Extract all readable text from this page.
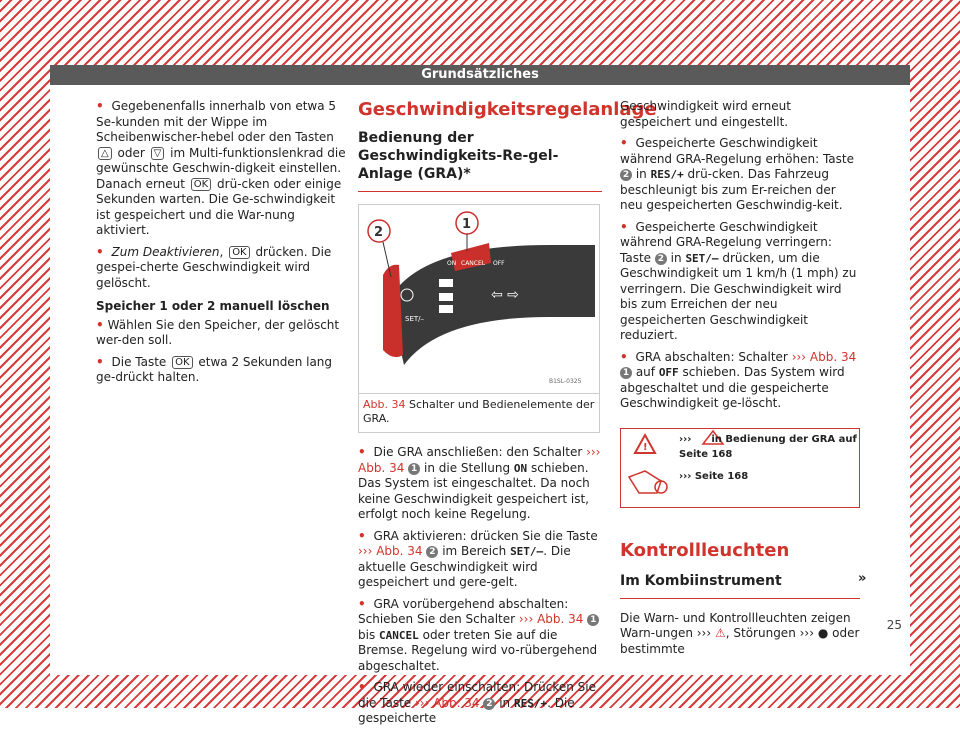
Grundsätzliches

• Gegebenenfalls innerhalb von etwa 5 Se-kunden mit der Wippe im Scheibenwischer-hebel oder den Tasten △ oder ▽ im Multi-funktionslenkrad die gewünschte Geschwin-digkeit einstellen. Danach erneut OK drü-cken oder einige Sekunden warten. Die Ge-schwindigkeit ist gespeichert und die War-nung aktiviert.

• Zum Deaktivieren, OK drücken. Die gespei-cherte Geschwindigkeit wird gelöscht.

Speicher 1 oder 2 manuell löschen

• Wählen Sie den Speicher, der gelöscht wer-den soll.

• Die Taste OK etwa 2 Sekunden lang ge-drückt halten.

Geschwindigkeitsregelanlage
Bedienung der Geschwindigkeits-Re-gel-Anlage (GRA)*
RES/+
SET/–
ON CANCEL OFF
⇦ ⇨
2
1
B1SL-0325
Abb. 34 Schalter und Bedienelemente der GRA.

• Die GRA anschließen: den Schalter ››› Abb. 34 1 in die Stellung ON schieben. Das System ist eingeschaltet. Da noch keine Geschwindigkeit gespeichert ist, erfolgt noch keine Regelung.

• GRA aktivieren: drücken Sie die Taste ››› Abb. 34 2 im Bereich SET/–. Die aktuelle Geschwindigkeit wird gespeichert und gere-gelt.

• GRA vorübergehend abschalten: Schieben Sie den Schalter ››› Abb. 34 1 bis CANCEL oder treten Sie auf die Bremse. Regelung wird vo-rübergehend abgeschaltet.

• GRA wieder einschalten: Drücken Sie die Taste ››› Abb. 34 2 in RES/+. Die gespeicherte

Geschwindigkeit wird erneut gespeichert und eingestellt.

• Gespeicherte Geschwindigkeit während GRA-Regelung erhöhen: Taste 2 in RES/+ drü-cken. Das Fahrzeug beschleunigt bis zum Er-reichen der neu gespeicherten Geschwindig-keit.

• Gespeicherte Geschwindigkeit während GRA-Regelung verringern: Taste 2 in SET/– drücken, um die Geschwindigkeit um 1 km/h (1 mph) zu verringern. Die Geschwindigkeit wird bis zum Erreichen der neu gespeicherten Geschwindigkeit reduziert.

• GRA abschalten: Schalter ››› Abb. 34 1 auf OFF schieben. Das System wird abgeschaltet und die gespeicherte Geschwindigkeit ge-löscht.

!
››› in Bedienung der GRA auf Seite 168
››› Seite 168
Kontrollleuchten
Im Kombiinstrument

Die Warn- und Kontrollleuchten zeigen Warn-ungen ››› ⚠, Störungen ››› ● oder bestimmte

»
25
